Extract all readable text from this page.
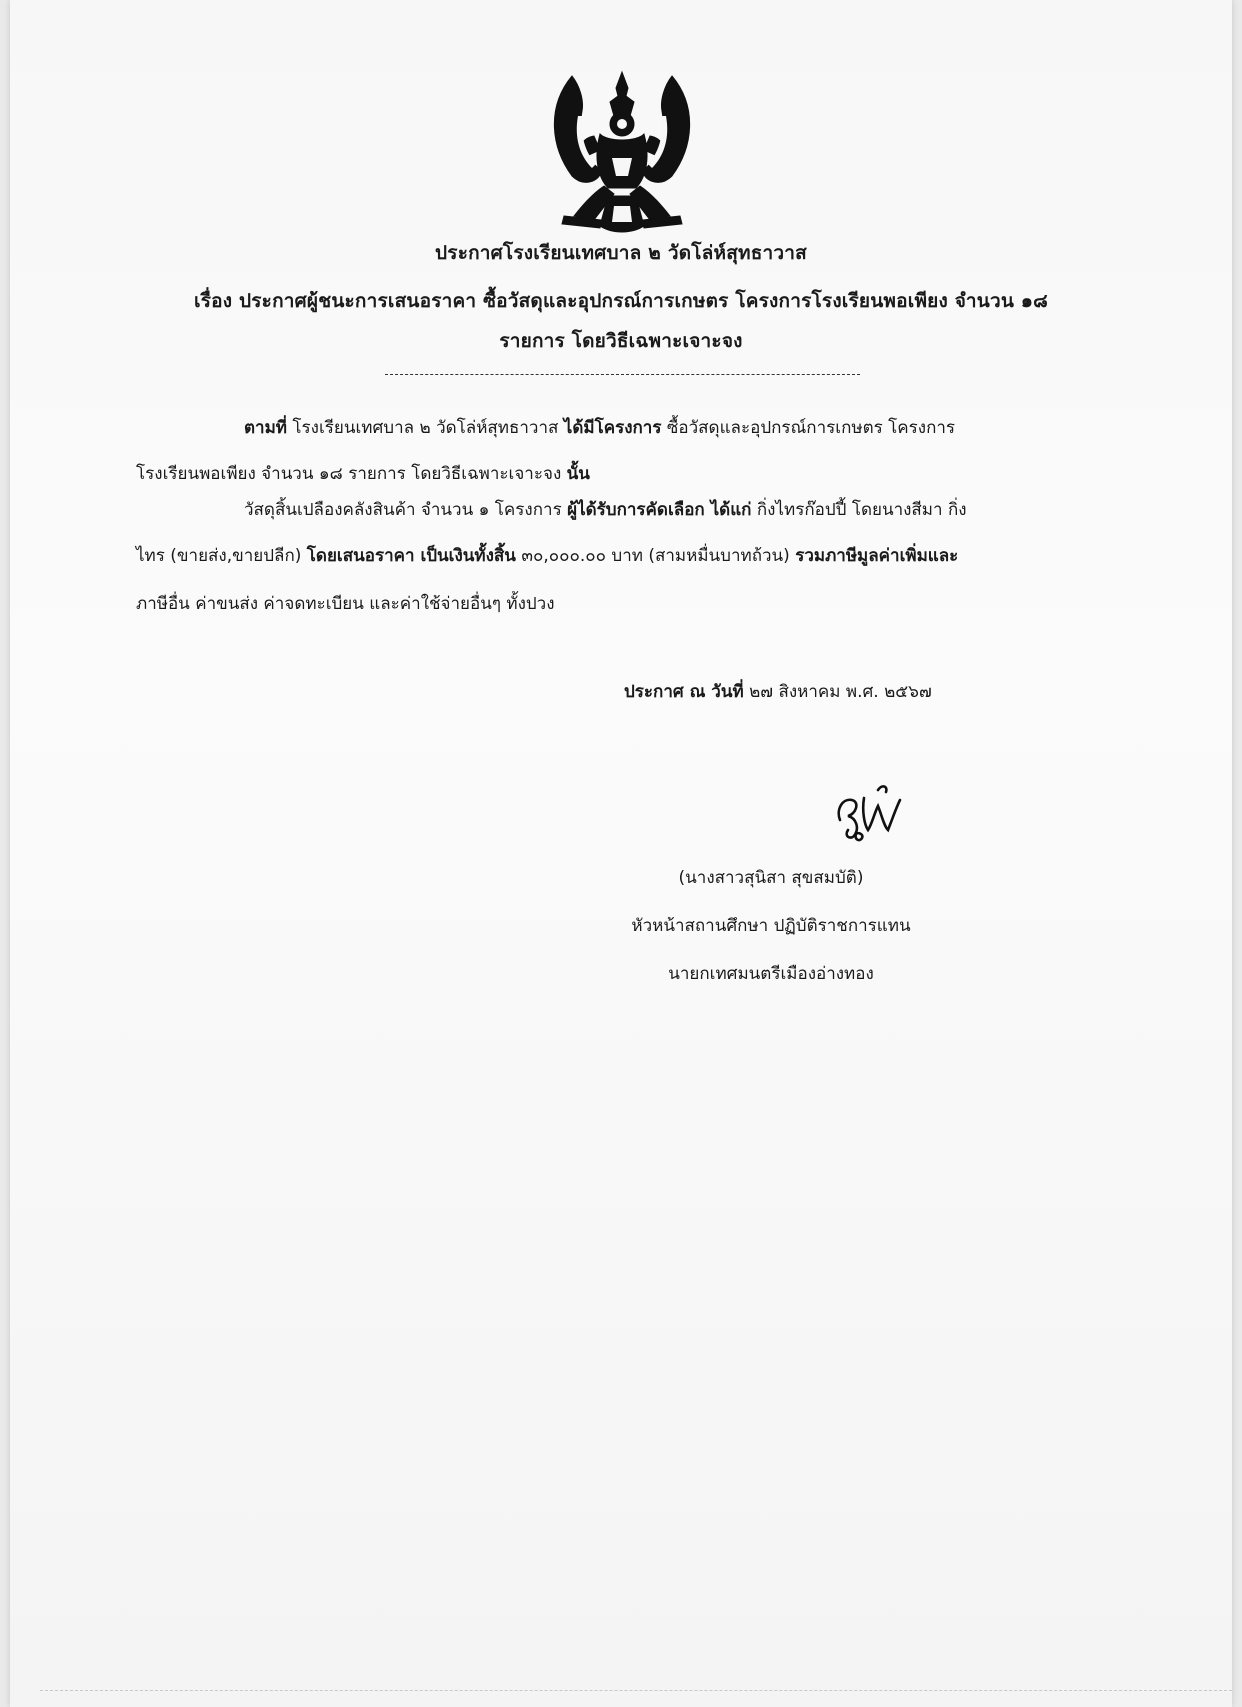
ประกาศโรงเรียนเทศบาล ๒ วัดโล่ห์สุทธาวาส
เรื่อง ประกาศผู้ชนะการเสนอราคา ซื้อวัสดุและอุปกรณ์การเกษตร โครงการโรงเรียนพอเพียง จำนวน ๑๘
รายการ โดยวิธีเฉพาะเจาะจง
ตามที่ โรงเรียนเทศบาล ๒ วัดโล่ห์สุทธาวาส ได้มีโครงการ ซื้อวัสดุและอุปกรณ์การเกษตร โครงการ
โรงเรียนพอเพียง จำนวน ๑๘ รายการ โดยวิธีเฉพาะเจาะจง นั้น
วัสดุสิ้นเปลืองคลังสินค้า จำนวน ๑ โครงการ ผู้ได้รับการคัดเลือก ได้แก่ กิ่งไทรก๊อปปี้ โดยนางสีมา กิ่ง
ไทร (ขายส่ง,ขายปลีก) โดยเสนอราคา เป็นเงินทั้งสิ้น ๓๐,๐๐๐.๐๐ บาท (สามหมื่นบาทถ้วน) รวมภาษีมูลค่าเพิ่มและ
ภาษีอื่น ค่าขนส่ง ค่าจดทะเบียน และค่าใช้จ่ายอื่นๆ ทั้งปวง
ประกาศ ณ วันที่ ๒๗ สิงหาคม พ.ศ. ๒๕๖๗
(นางสาวสุนิสา สุขสมบัติ)
หัวหน้าสถานศึกษา ปฏิบัติราชการแทน
นายกเทศมนตรีเมืองอ่างทอง
